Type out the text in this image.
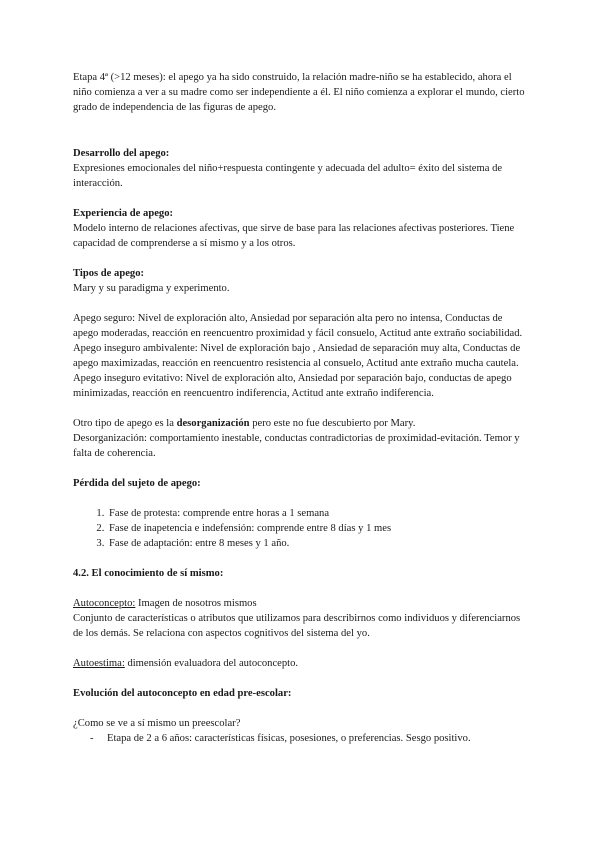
Etapa 4ª (>12 meses): el apego ya ha sido construido, la relación madre-niño se ha establecido, ahora el niño comienza a ver a su madre como ser independiente a él. El niño comienza a explorar el mundo, cierto grado de independencia de las figuras de apego.

Desarrollo del apego:

Expresiones emocionales del niño+respuesta contingente y adecuada del adulto= éxito del sistema de interacción.

Experiencia de apego:

Modelo interno de relaciones afectivas, que sirve de base para las relaciones afectivas posteriores. Tiene capacidad de comprenderse a sí mismo y a los otros.

Tipos de apego:

Mary y su paradigma y experimento.

Apego seguro: Nivel de exploración alto, Ansiedad por separación alta pero no intensa, Conductas de apego moderadas, reacción en reencuentro proximidad y fácil consuelo, Actitud ante extraño sociabilidad.

Apego inseguro ambivalente: Nivel de exploración bajo , Ansiedad de separación muy alta, Conductas de apego maximizadas, reacción en reencuentro resistencia al consuelo, Actitud ante extraño mucha cautela.

Apego inseguro evitativo: Nivel de exploración alto, Ansiedad por separación bajo, conductas de apego minimizadas, reacción en reencuentro indiferencia, Actitud ante extraño indiferencia.

Otro tipo de apego es la desorganización pero este no fue descubierto por Mary.

Desorganización: comportamiento inestable, conductas contradictorias de proximidad-evitación. Temor y falta de coherencia.

Pérdida del sujeto de apego:

1. Fase de protesta: comprende entre horas a 1 semana
2. Fase de inapetencia e indefensión: comprende entre 8 días y 1 mes
3. Fase de adaptación: entre 8 meses y 1 año.

4.2. El conocimiento de sí mismo:

Autoconcepto: Imagen de nosotros mismos

Conjunto de características o atributos que utilizamos para describirnos como individuos y diferenciarnos de los demás. Se relaciona con aspectos cognitivos del sistema del yo.

Autoestima: dimensión evaluadora del autoconcepto.

Evolución del autoconcepto en edad pre-escolar:

¿Como se ve a sí mismo un preescolar?

- Etapa de 2 a 6 años: características físicas, posesiones, o preferencias. Sesgo positivo.
